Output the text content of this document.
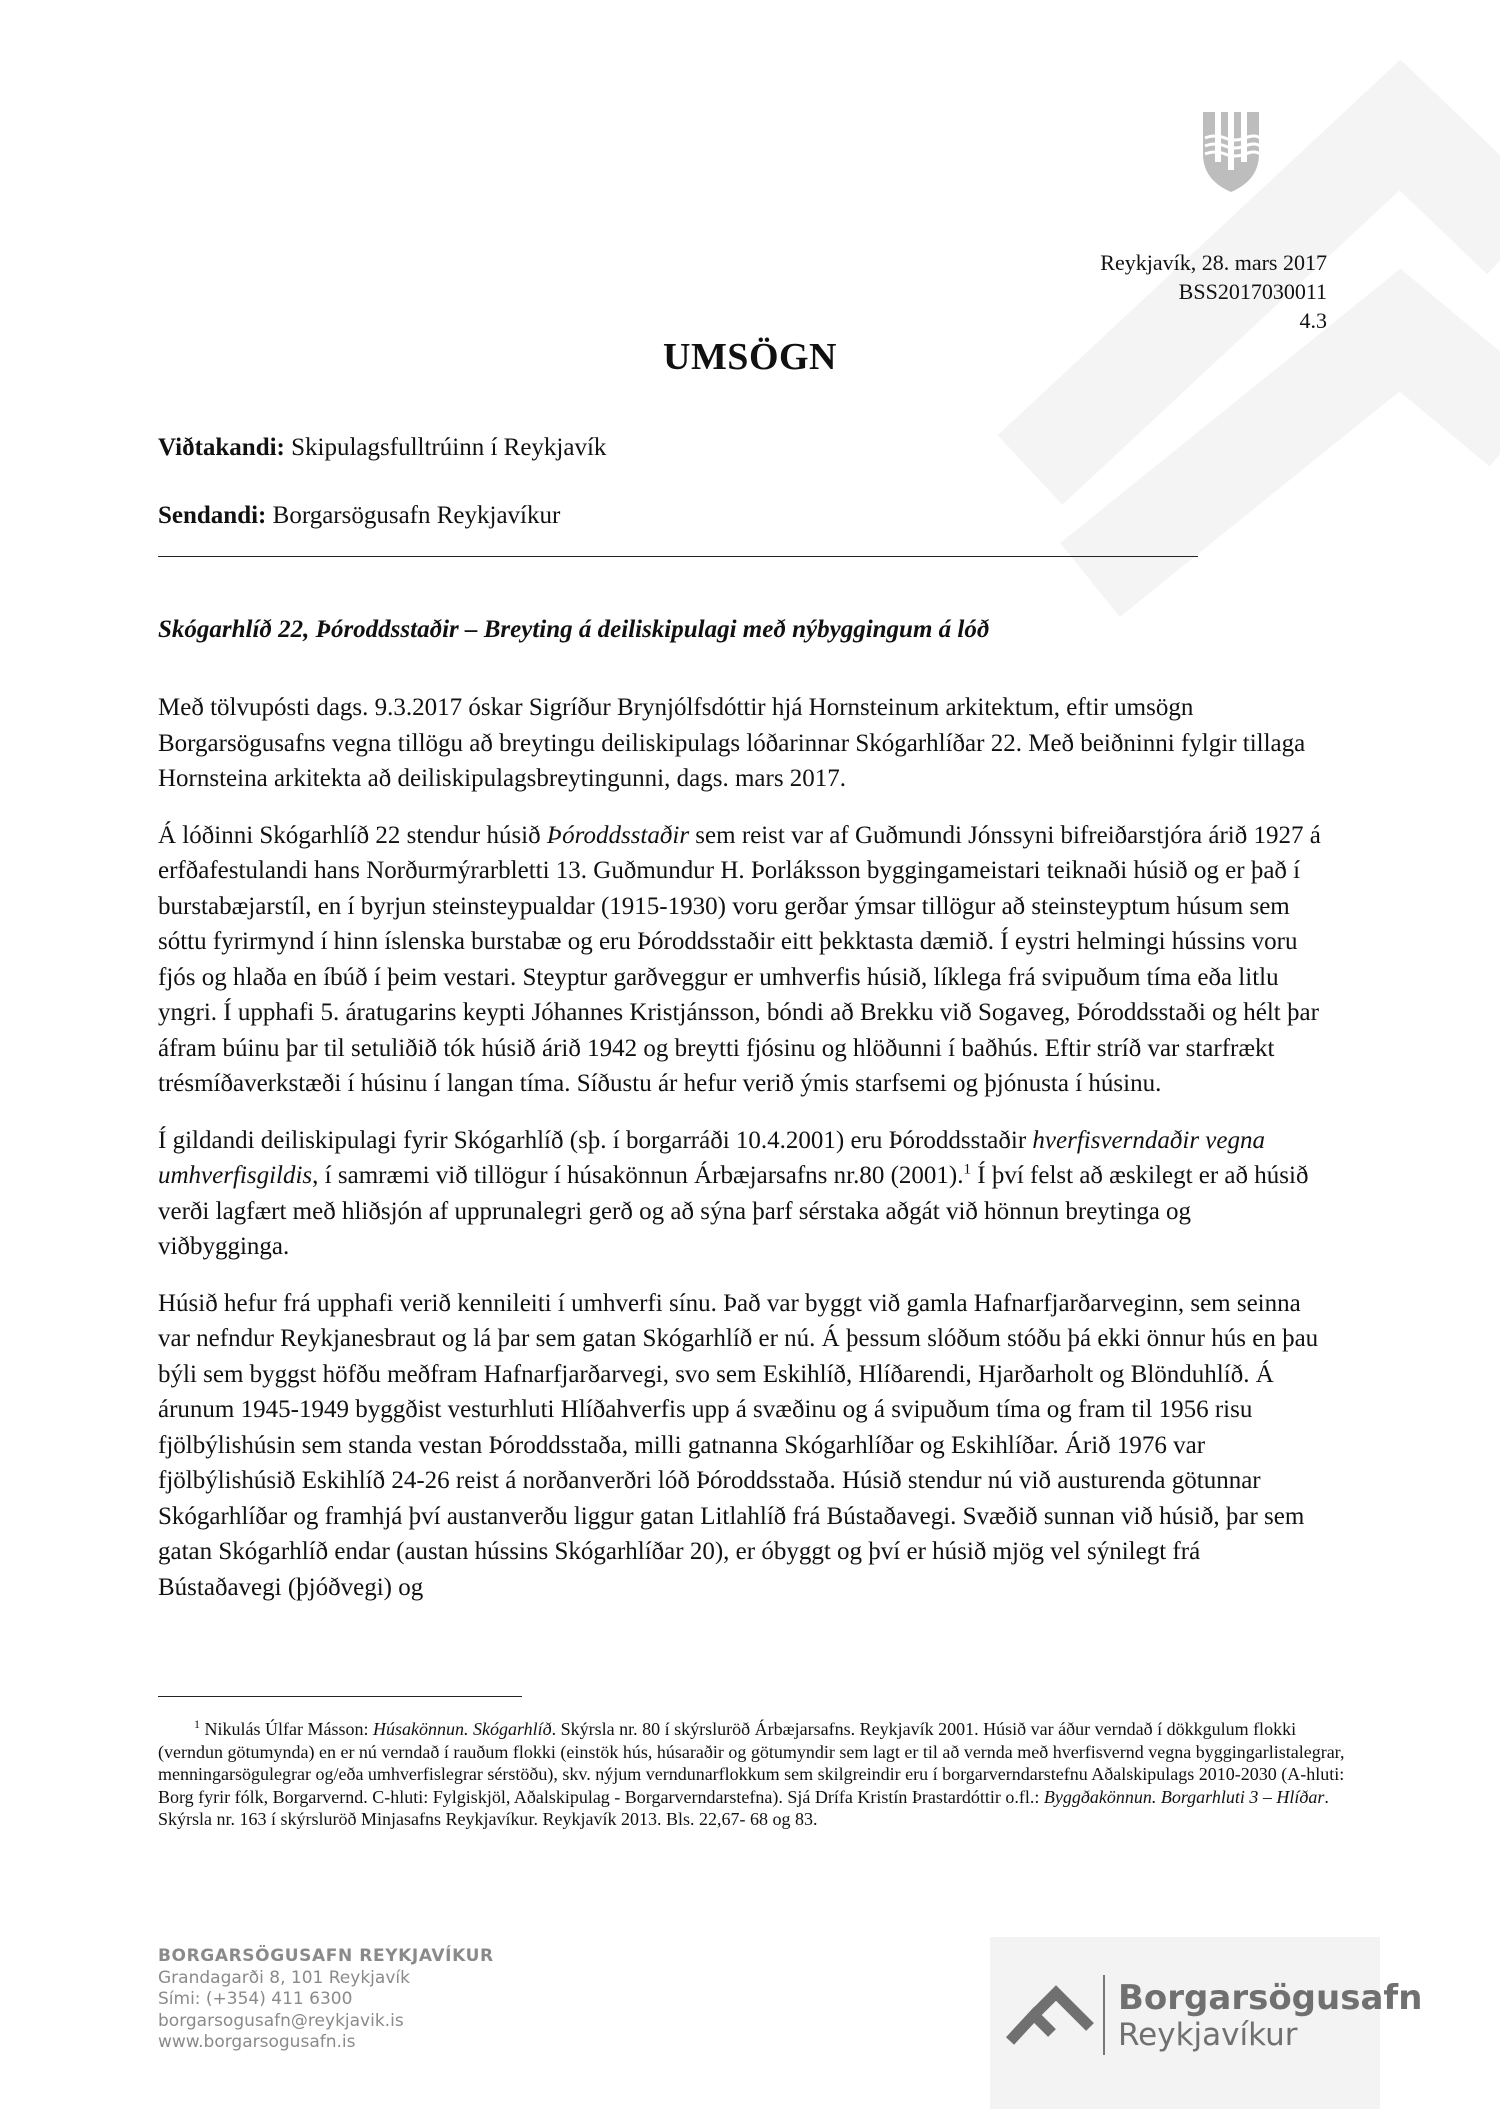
Reykjavík, 28. mars 2017
BSS2017030011
4.3
UMSÖGN
Viðtakandi: Skipulagsfulltrúinn í Reykjavík
Sendandi: Borgarsögusafn Reykjavíkur
Skógarhlíð 22, Þóroddsstaðir – Breyting á deiliskipulagi með nýbyggingum á lóð

Með tölvupósti dags. 9.3.2017 óskar Sigríður Brynjólfsdóttir hjá Hornsteinum arkitektum, eftir umsögn Borgarsögusafns vegna tillögu að breytingu deiliskipulags lóðarinnar Skógarhlíðar 22. Með beiðninni fylgir tillaga Hornsteina arkitekta að deiliskipulagsbreytingunni, dags. mars 2017.

Á lóðinni Skógarhlíð 22 stendur húsið Þóroddsstaðir sem reist var af Guðmundi Jónssyni bifreiðarstjóra árið 1927 á erfðafestulandi hans Norðurmýrarbletti 13. Guðmundur H. Þorláksson byggingameistari teiknaði húsið og er það í burstabæjarstíl, en í byrjun steinsteypualdar (1915-1930) voru gerðar ýmsar tillögur að steinsteyptum húsum sem sóttu fyrirmynd í hinn íslenska burstabæ og eru Þóroddsstaðir eitt þekktasta dæmið. Í eystri helmingi hússins voru fjós og hlaða en íbúð í þeim vestari. Steyptur garðveggur er umhverfis húsið, líklega frá svipuðum tíma eða litlu yngri. Í upphafi 5. áratugarins keypti Jóhannes Kristjánsson, bóndi að Brekku við Sogaveg, Þóroddsstaði og hélt þar áfram búinu þar til setuliðið tók húsið árið 1942 og breytti fjósinu og hlöðunni í baðhús. Eftir stríð var starfrækt trésmíðaverkstæði í húsinu í langan tíma. Síðustu ár hefur verið ýmis starfsemi og þjónusta í húsinu.

Í gildandi deiliskipulagi fyrir Skógarhlíð (sþ. í borgarráði 10.4.2001) eru Þóroddsstaðir hverfisverndaðir vegna umhverfisgildis, í samræmi við tillögur í húsakönnun Árbæjarsafns nr.80 (2001).$^1$ Í því felst að æskilegt er að húsið verði lagfært með hliðsjón af upprunalegri gerð og að sýna þarf sérstaka aðgát við hönnun breytinga og viðbygginga.

Húsið hefur frá upphafi verið kennileiti í umhverfi sínu. Það var byggt við gamla Hafnarfjarðarveginn, sem seinna var nefndur Reykjanesbraut og lá þar sem gatan Skógarhlíð er nú. Á þessum slóðum stóðu þá ekki önnur hús en þau býli sem byggst höfðu meðfram Hafnarfjarðarvegi, svo sem Eskihlíð, Hlíðarendi, Hjarðarholt og Blönduhlíð. Á árunum 1945-1949 byggðist vesturhluti Hlíðahverfis upp á svæðinu og á svipuðum tíma og fram til 1956 risu fjölbýlishúsin sem standa vestan Þóroddsstaða, milli gatnanna Skógarhlíðar og Eskihlíðar. Árið 1976 var fjölbýlishúsið Eskihlíð 24-26 reist á norðanverðri lóð Þóroddsstaða. Húsið stendur nú við austurenda götunnar Skógarhlíðar og framhjá því austanverðu liggur gatan Litlahlíð frá Bústaðavegi. Svæðið sunnan við húsið, þar sem gatan Skógarhlíð endar (austan hússins Skógarhlíðar 20), er óbyggt og því er húsið mjög vel sýnilegt frá Bústaðavegi (þjóðvegi) og

$^1$ Nikulás Úlfar Másson: Húsakönnun. Skógarhlíð. Skýrsla nr. 80 í skýrsluröð Árbæjarsafns. Reykjavík 2001. Húsið var áður verndað í dökkgulum flokki (verndun götumynda) en er nú verndað í rauðum flokki (einstök hús, húsaraðir og götumyndir sem lagt er til að vernda með hverfisvernd vegna byggingarlistalegrar, menningarsögulegrar og/eða umhverfislegrar sérstöðu), skv. nýjum verndunarflokkum sem skilgreindir eru í borgarverndarstefnu Aðalskipulags 2010-2030 (A-hluti: Borg fyrir fólk, Borgarvernd. C-hluti: Fylgiskjöl, Aðalskipulag - Borgarverndarstefna). Sjá Drífa Kristín Þrastardóttir o.fl.: Byggðakönnun. Borgarhluti 3 – Hlíðar. Skýrsla nr. 163 í skýrsluröð Minjasafns Reykjavíkur. Reykjavík 2013. Bls. 22,67- 68 og 83.
BORGARSÖGUSAFN REYKJAVÍKUR
Grandagarði 8, 101 Reykjavík
Sími: (+354) 411 6300
borgarsogusafn@reykjavik.is
www.borgarsogusafn.is
Borgarsögusafn
Reykjavíkur
